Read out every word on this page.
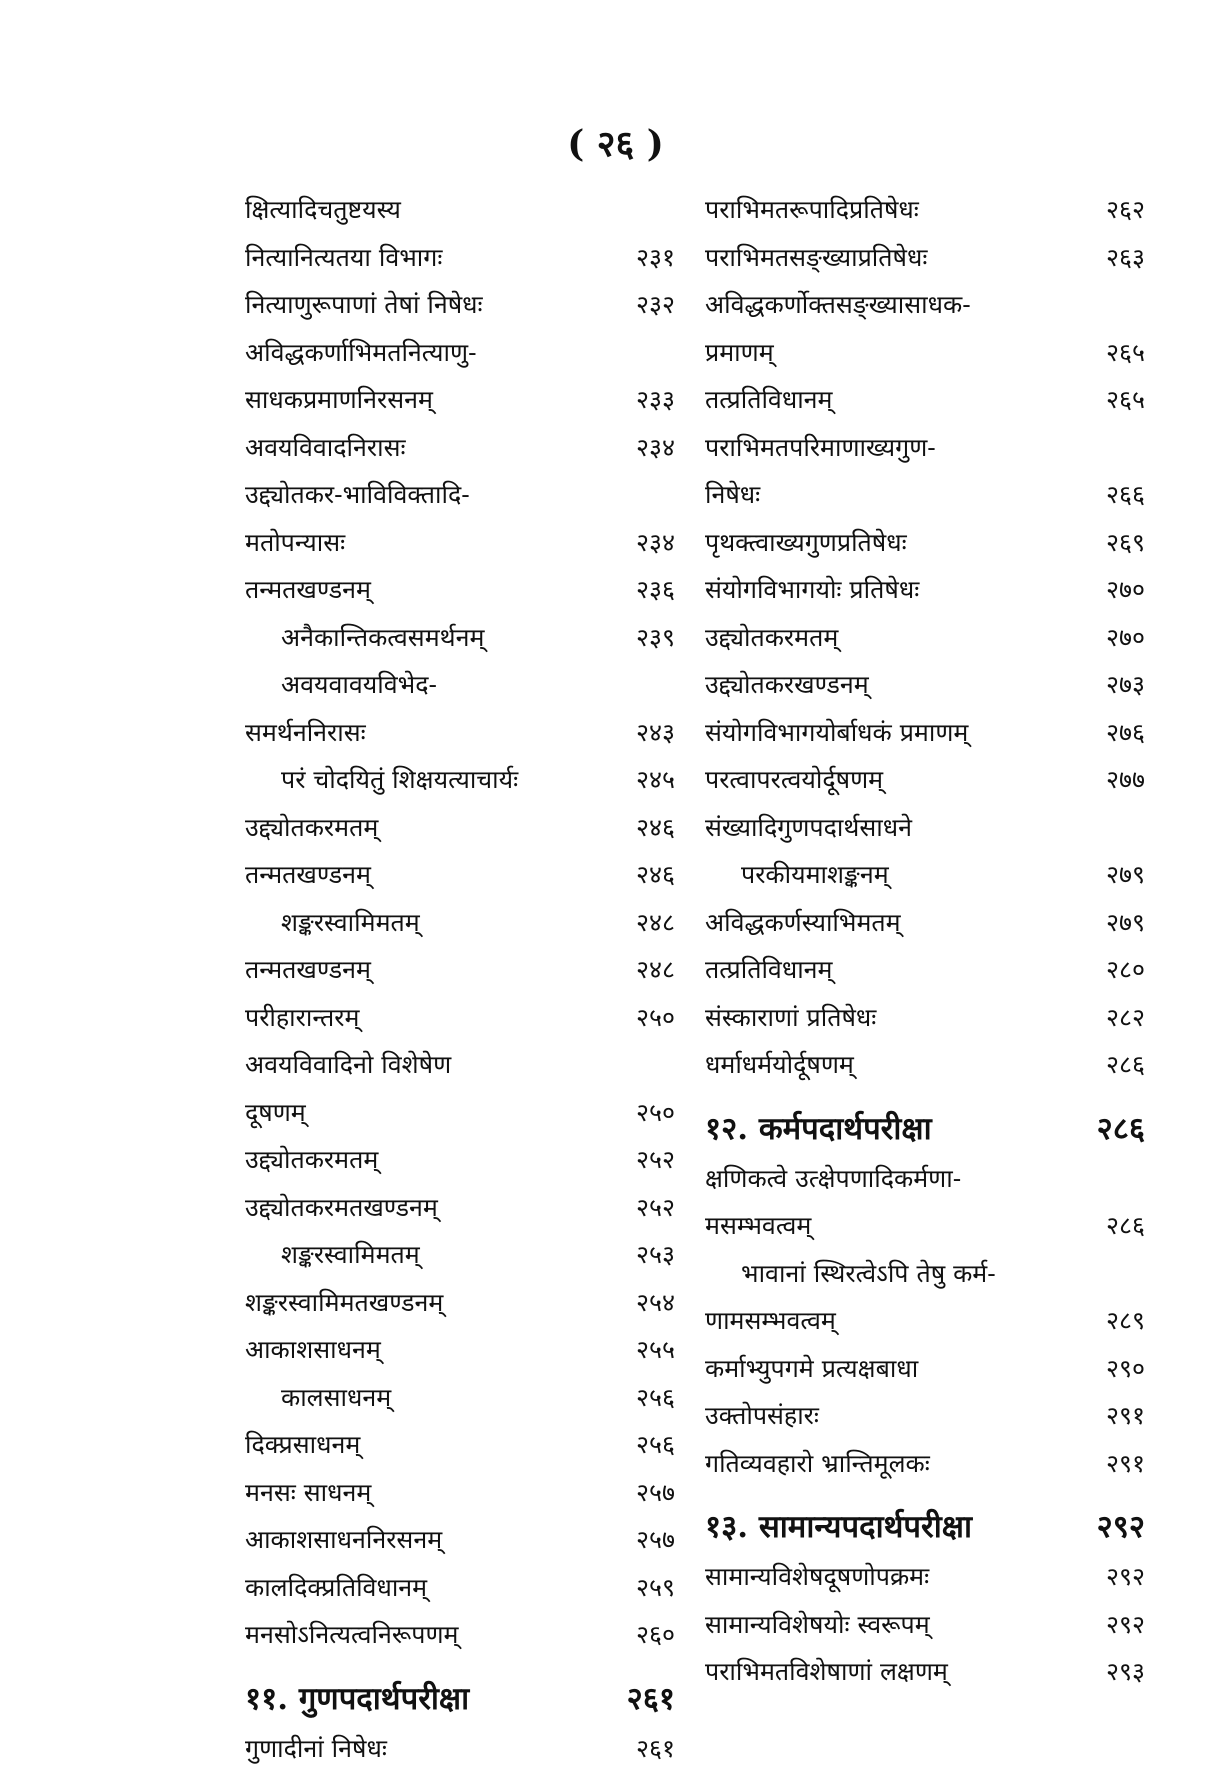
( २६ )
क्षित्यादिचतुष्टयस्य
नित्यानित्यतया विभागः	२३१
नित्याणुरूपाणां तेषां निषेधः	२३२
अविद्धकर्णाभिमतनित्याणु-
साधकप्रमाणनिरसनम्	२३३
अवयविवादनिरासः	२३४
उद्द्योतकर-भाविविक्तादि-
मतोपन्यासः	२३४
तन्मतखण्डनम्	२३६
अनैकान्तिकत्वसमर्थनम्	२३९
अवयवावयविभेद-
समर्थननिरासः	२४३
परं चोदयितुं शिक्षयत्याचार्यः	२४५
उद्द्योतकरमतम्	२४६
तन्मतखण्डनम्	२४६
शङ्करस्वामिमतम्	२४८
तन्मतखण्डनम्	२४८
परीहारान्तरम्	२५०
अवयविवादिनो विशेषेण
दूषणम्	२५०
उद्द्योतकरमतम्	२५२
उद्द्योतकरमतखण्डनम्	२५२
शङ्करस्वामिमतम्	२५३
शङ्करस्वामिमतखण्डनम्	२५४
आकाशसाधनम्	२५५
कालसाधनम्	२५६
दिक्प्रसाधनम्	२५६
मनसः साधनम्	२५७
आकाशसाधननिरसनम्	२५७
कालदिक्प्रतिविधानम्	२५९
मनसोऽनित्यत्वनिरूपणम्	२६०
११. गुणपदार्थपरीक्षा	२६१
गुणादीनां निषेधः	२६१
पराभिमतरूपादिप्रतिषेधः	२६२
पराभिमतसङ्ख्याप्रतिषेधः	२६३
अविद्धकर्णोक्तसङ्ख्यासाधक-
प्रमाणम्	२६५
तत्प्रतिविधानम्	२६५
पराभिमतपरिमाणाख्यगुण-
निषेधः	२६६
पृथक्त्वाख्यगुणप्रतिषेधः	२६९
संयोगविभागयोः प्रतिषेधः	२७०
उद्द्योतकरमतम्	२७०
उद्द्योतकरखण्डनम्	२७३
संयोगविभागयोर्बाधकं प्रमाणम्	२७६
परत्वापरत्वयोर्दूषणम्	२७७
संख्यादिगुणपदार्थसाधने
परकीयमाशङ्कनम्	२७९
अविद्धकर्णस्याभिमतम्	२७९
तत्प्रतिविधानम्	२८०
संस्काराणां प्रतिषेधः	२८२
धर्माधर्मयोर्दूषणम्	२८६
१२. कर्मपदार्थपरीक्षा	२८६
क्षणिकत्वे उत्क्षेपणादिकर्मणा-
मसम्भवत्वम्	२८६
भावानां स्थिरत्वेऽपि तेषु कर्म-
णामसम्भवत्वम्	२८९
कर्माभ्युपगमे प्रत्यक्षबाधा	२९०
उक्तोपसंहारः	२९१
गतिव्यवहारो भ्रान्तिमूलकः	२९१
१३. सामान्यपदार्थपरीक्षा	२९२
सामान्यविशेषदूषणोपक्रमः	२९२
सामान्यविशेषयोः स्वरूपम्	२९२
पराभिमतविशेषाणां लक्षणम्	२९३
